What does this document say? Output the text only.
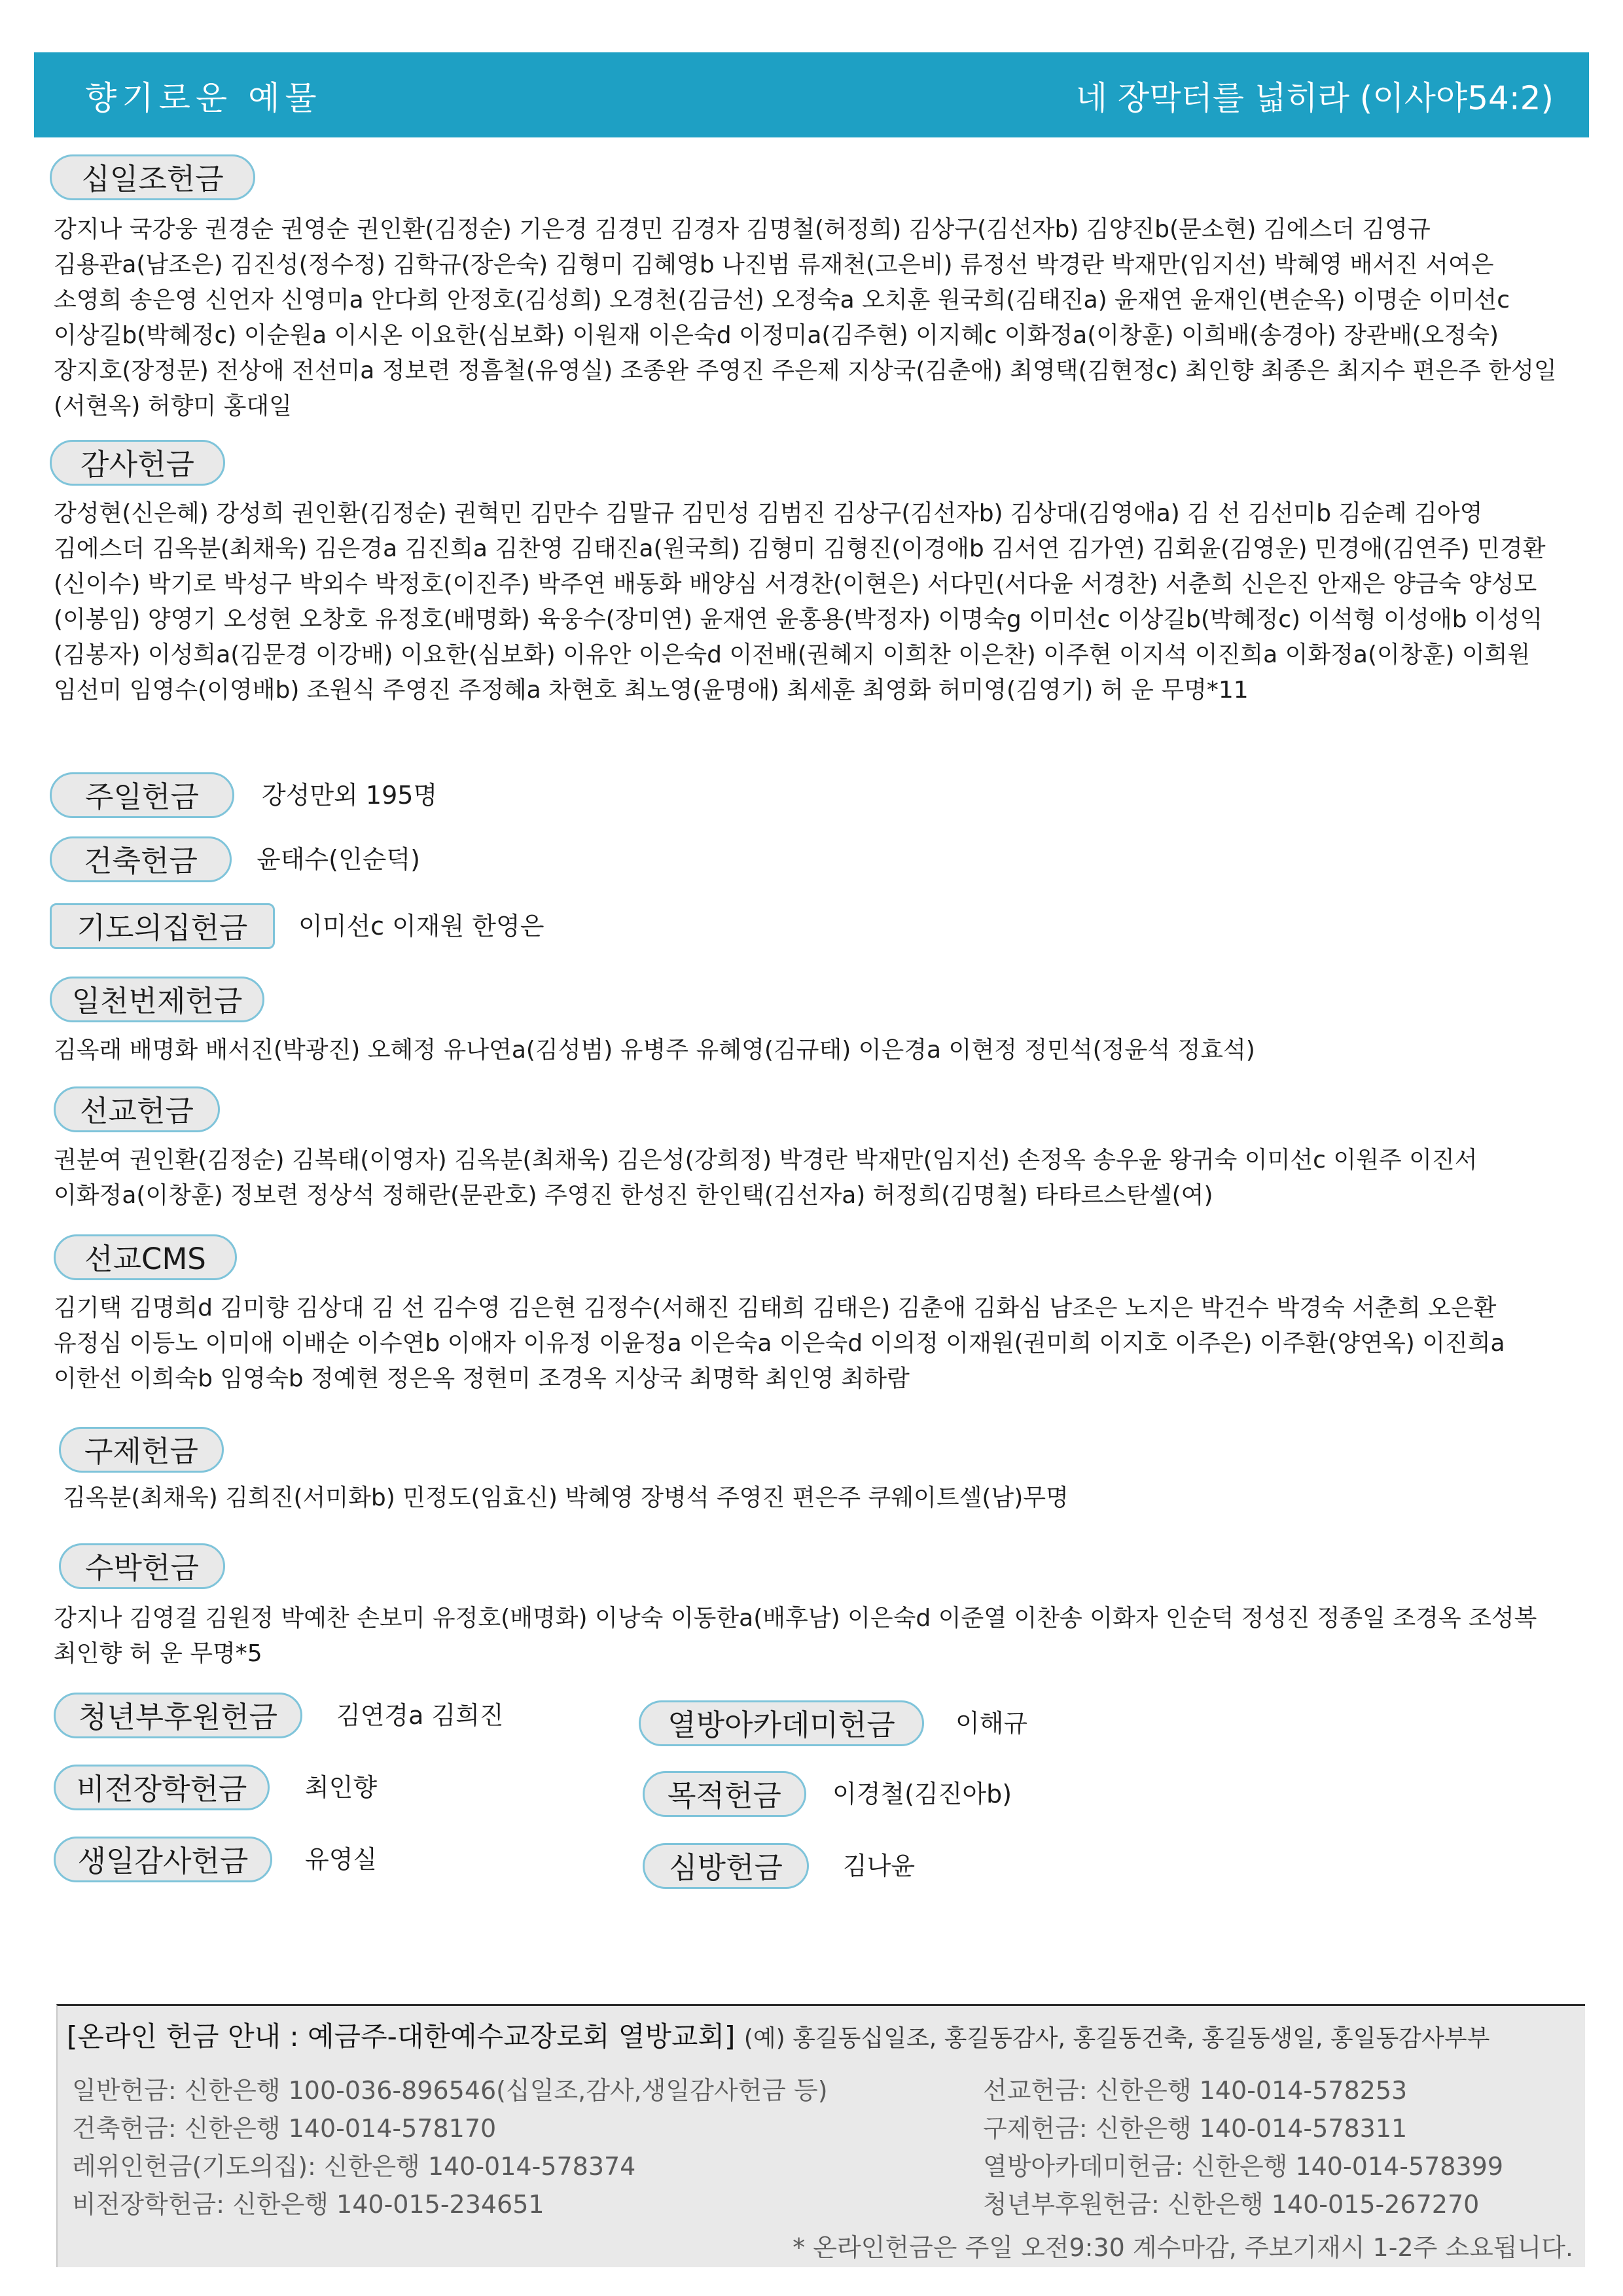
향기로운 예물	네 장막터를 넓히라 (이사야54:2)
십일조헌금
강지나 국강웅 권경순 권영순 권인환(김정순) 기은경 김경민 김경자 김명철(허정희) 김상구(김선자b) 김양진b(문소현) 김에스더 김영규 김용관a(남조은) 김진성(정수정) 김학규(장은숙) 김형미 김혜영b 나진범 류재천(고은비) 류정선 박경란 박재만(임지선) 박혜영 배서진 서여은 소영희 송은영 신언자 신영미a 안다희 안정호(김성희) 오경천(김금선) 오정숙a 오치훈 원국희(김태진a) 윤재연 윤재인(변순옥) 이명순 이미선c 이상길b(박혜정c) 이순원a 이시온 이요한(심보화) 이원재 이은숙d 이정미a(김주현) 이지혜c 이화정a(이창훈) 이희배(송경아) 장관배(오정숙) 장지호(장정문) 전상애 전선미a 정보련 정흠철(유영실) 조종완 주영진 주은제 지상국(김춘애) 최영택(김현정c) 최인향 최종은 최지수 편은주 한성일(서현옥) 허향미 홍대일
감사헌금
강성현(신은혜) 강성희 권인환(김정순) 권혁민 김만수 김말규 김민성 김범진 김상구(김선자b) 김상대(김영애a) 김 선 김선미b 김순례 김아영 김에스더 김옥분(최채욱) 김은경a 김진희a 김찬영 김태진a(원국희) 김형미 김형진(이경애b 김서연 김가연) 김회윤(김영운) 민경애(김연주) 민경환(신이수) 박기로 박성구 박외수 박정호(이진주) 박주연 배동화 배양심 서경찬(이현은) 서다민(서다윤 서경찬) 서춘희 신은진 안재은 양금숙 양성모(이봉임) 양영기 오성현 오창호 유정호(배명화) 육웅수(장미연) 윤재연 윤홍용(박정자) 이명숙g 이미선c 이상길b(박혜정c) 이석형 이성애b 이성익(김봉자) 이성희a(김문경 이강배) 이요한(심보화) 이유안 이은숙d 이전배(권혜지 이희찬 이은찬) 이주현 이지석 이진희a 이화정a(이창훈) 이희원 임선미 임영수(이영배b) 조원식 주영진 주정혜a 차현호 최노영(윤명애) 최세훈 최영화 허미영(김영기) 허 운 무명*11
주일헌금	강성만외 195명
건축헌금	윤태수(인순덕)
기도의집헌금	이미선c 이재원 한영은
일천번제헌금
김옥래 배명화 배서진(박광진) 오혜정 유나연a(김성범) 유병주 유혜영(김규태) 이은경a 이현정 정민석(정윤석 정효석)
선교헌금
권분여 권인환(김정순) 김복태(이영자) 김옥분(최채욱) 김은성(강희정) 박경란 박재만(임지선) 손정옥 송우윤 왕귀숙 이미선c 이원주 이진서 이화정a(이창훈) 정보련 정상석 정해란(문관호) 주영진 한성진 한인택(김선자a) 허정희(김명철) 타타르스탄셀(여)
선교CMS
김기택 김명희d 김미향 김상대 김 선 김수영 김은현 김정수(서해진 김태희 김태은) 김춘애 김화심 남조은 노지은 박건수 박경숙 서춘희 오은환 유정심 이등노 이미애 이배순 이수연b 이애자 이유정 이윤정a 이은숙a 이은숙d 이의정 이재원(권미희 이지호 이주은) 이주환(양연옥) 이진희a 이한선 이희숙b 임영숙b 정예현 정은옥 정현미 조경옥 지상국 최명학 최인영 최하람
구제헌금
김옥분(최채욱) 김희진(서미화b) 민정도(임효신) 박혜영 장병석 주영진 편은주 쿠웨이트셀(남)무명
수박헌금
강지나 김영걸 김원정 박예찬 손보미 유정호(배명화) 이낭숙 이동한a(배후남) 이은숙d 이준열 이찬송 이화자 인순덕 정성진 정종일 조경옥 조성복 최인향 허 운 무명*5
청년부후원헌금	김연경a 김희진	열방아카데미헌금	이해규
비전장학헌금	최인향	목적헌금	이경철(김진아b)
생일감사헌금	유영실	심방헌금	김나윤
[온라인 헌금 안내 : 예금주-대한예수교장로회 열방교회] (예) 홍길동십일조, 홍길동감사, 홍길동건축, 홍길동생일, 홍일동감사부부
일반헌금: 신한은행 100-036-896546(십일조,감사,생일감사헌금 등)
건축헌금: 신한은행 140-014-578170
레위인헌금(기도의집): 신한은행 140-014-578374
비전장학헌금: 신한은행 140-015-234651
선교헌금: 신한은행 140-014-578253
구제헌금: 신한은행 140-014-578311
열방아카데미헌금: 신한은행 140-014-578399
청년부후원헌금: 신한은행 140-015-267270
* 온라인헌금은 주일 오전9:30 계수마감, 주보기재시 1-2주 소요됩니다.
